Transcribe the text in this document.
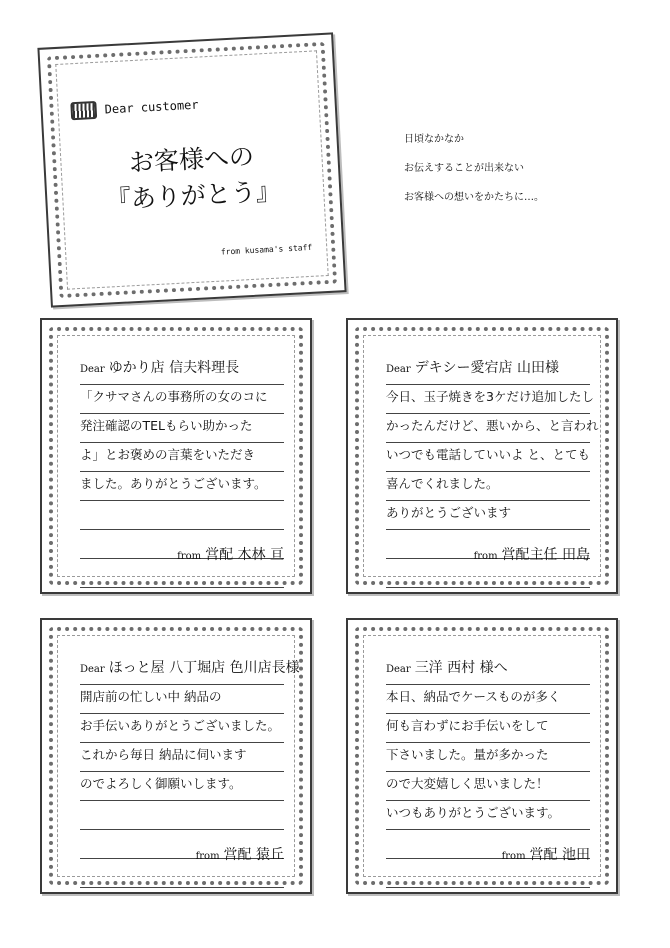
Dear customer
お客様への
『ありがとう』
from kusama's staff
日頃なかなか
お伝えすることが出来ない
お客様への想いをかたちに…。
Dear ゆかり店 信夫料理長
「クサマさんの事務所の女のコに
発注確認のTELもらい助かった
よ」とお褒めの言葉をいただき
ました。ありがとうございます。
from 営配 木林 亘
Dear デキシー愛宕店 山田様
今日、玉子焼きを3ケだけ追加したし
かったんだけど、悪いから、と言われ
いつでも電話していいよ と、とても
喜んでくれました。
ありがとうございます
from 営配主任 田島
Dear ほっと屋 八丁堀店 色川店長様
開店前の忙しい中 納品の
お手伝いありがとうございました。
これから毎日 納品に伺います
のでよろしく御願いします。
from 営配 猿丘
Dear 三洋 西村 様へ
本日、納品でケースものが多く
何も言わずにお手伝いをして
下さいました。量が多かった
ので大変嬉しく思いました！
いつもありがとうございます。
from 営配 池田
